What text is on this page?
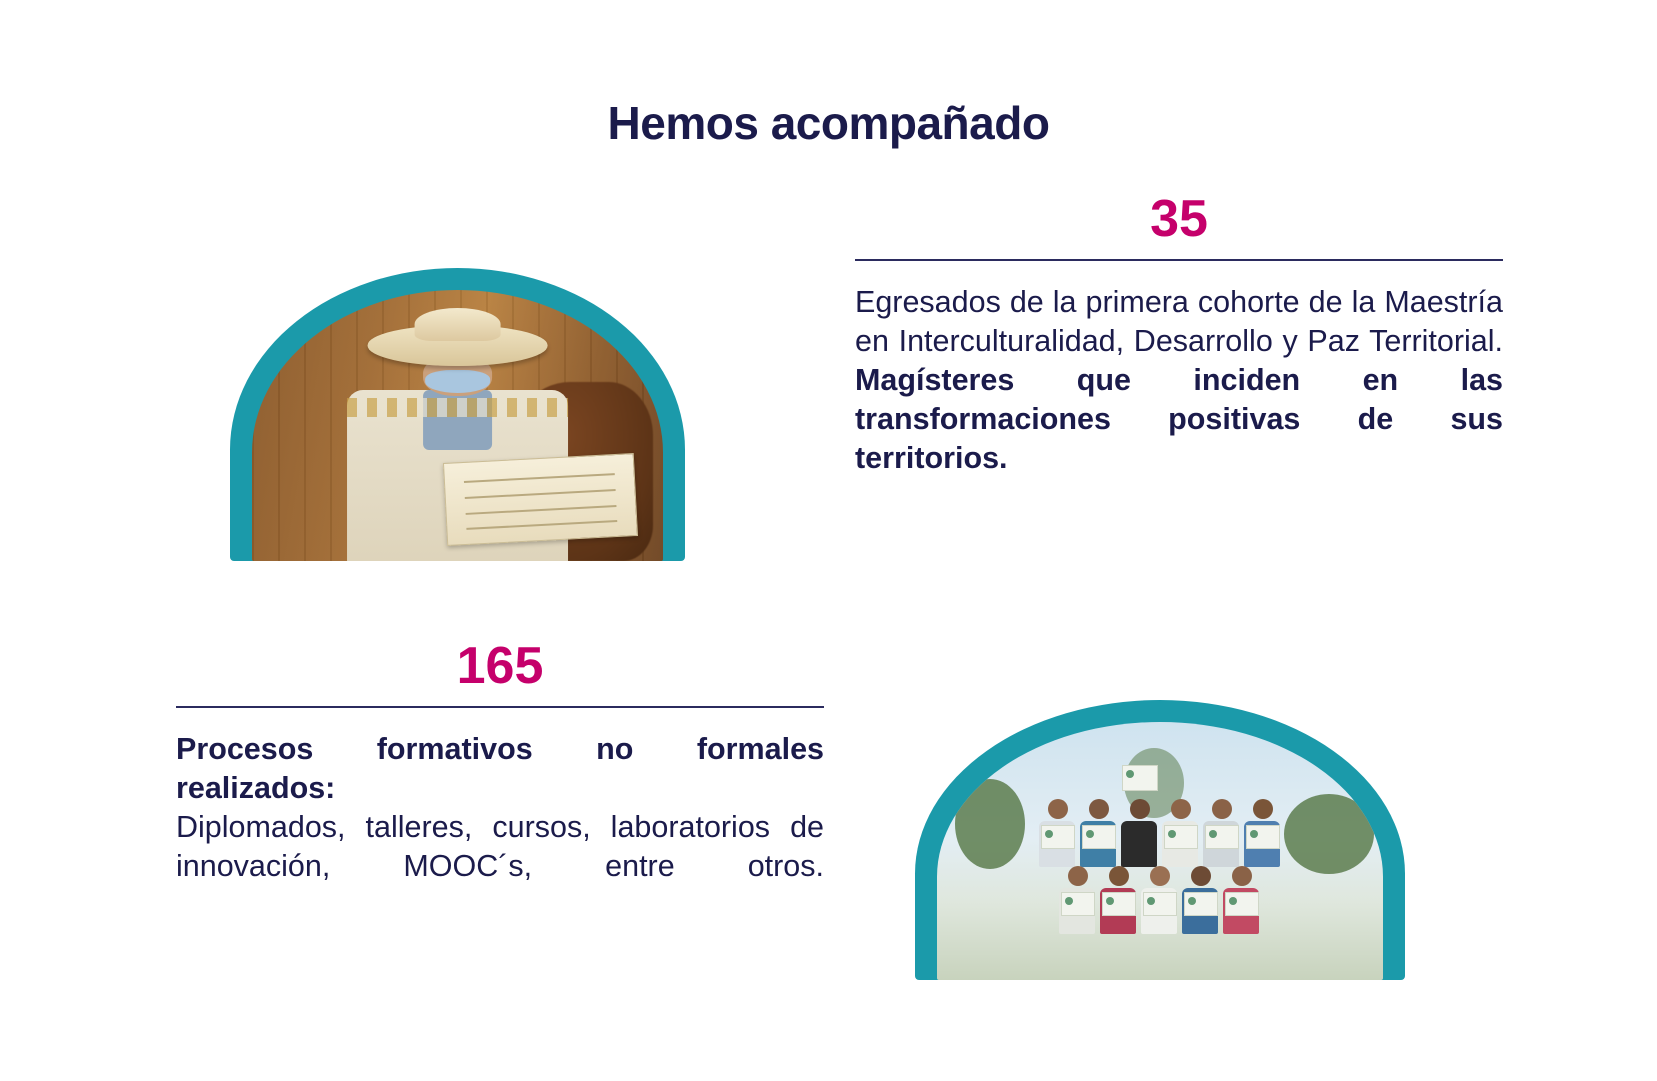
Hemos acompañado
35

Egresados de la primera cohorte de la Maestría en Interculturalidad, Desarrollo y Paz Territorial.

Magísteres que inciden en las transformaciones positivas de sus territorios.

165

Procesos formativos no formales realizados:

Diplomados, talleres, cursos, laboratorios de innovación, MOOC´s, entre otros.
